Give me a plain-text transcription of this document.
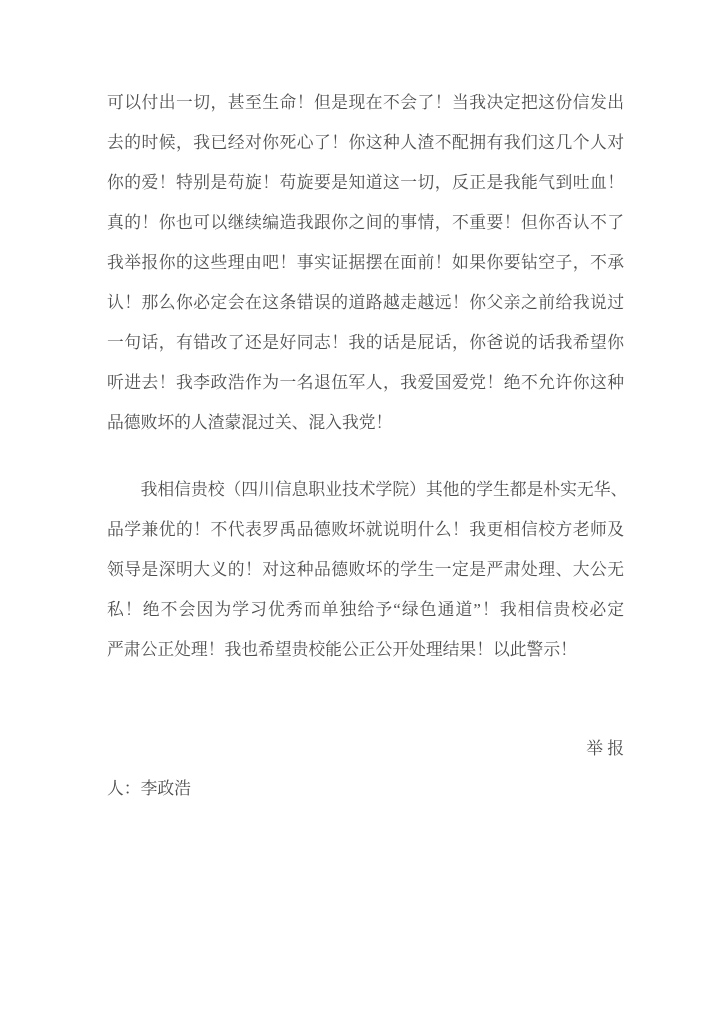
可以付出一切，甚至生命！但是现在不会了！当我决定把这份信发出
去的时候，我已经对你死心了！你这种人渣不配拥有我们这几个人对
你的爱！特别是苟旋！苟旋要是知道这一切，反正是我能气到吐血！
真的！你也可以继续编造我跟你之间的事情，不重要！但你否认不了
我举报你的这些理由吧！事实证据摆在面前！如果你要钻空子，不承
认！那么你必定会在这条错误的道路越走越远！你父亲之前给我说过
一句话，有错改了还是好同志！我的话是屁话，你爸说的话我希望你
听进去！我李政浩作为一名退伍军人，我爱国爱党！绝不允许你这种
品德败坏的人渣蒙混过关、混入我党！
我相信贵校（四川信息职业技术学院）其他的学生都是朴实无华、
品学兼优的！不代表罗禹品德败坏就说明什么！我更相信校方老师及
领导是深明大义的！对这种品德败坏的学生一定是严肃处理、大公无
私！绝不会因为学习优秀而单独给予“绿色通道”！我相信贵校必定
严肃公正处理！我也希望贵校能公正公开处理结果！以此警示！
举 报
人：李政浩
